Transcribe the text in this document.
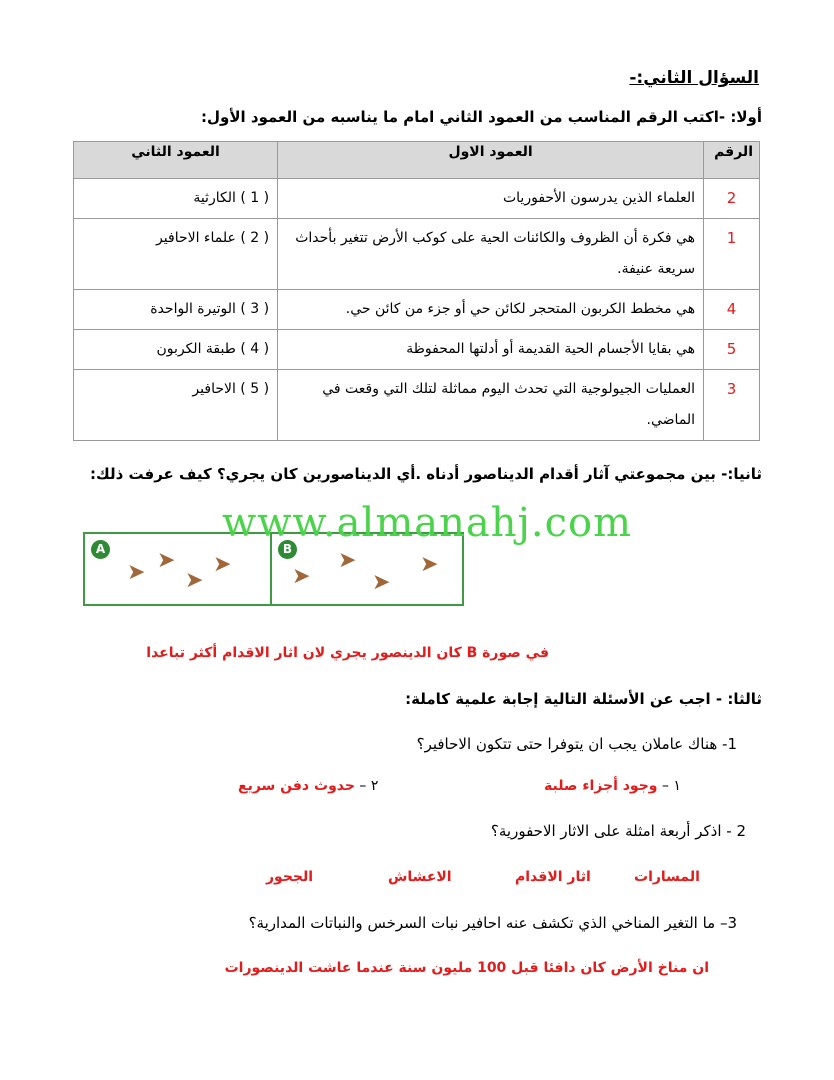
السؤال الثاني:-
أولا: -اكتب الرقم المناسب من العمود الثاني امام ما يناسبه من العمود الأول:
الرقم	العمود الاول	العمود الثاني
2	العلماء الذين يدرسون الأحفوريات	( 1 ) الكارثية
1	هي فكرة أن الظروف والكائنات الحية على كوكب الأرض تتغير بأحداث سريعة عنيفة.	( 2 ) علماء الاحافير
4	هي مخطط الكربون المتحجر لكائن حي أو جزء من كائن حي.	( 3 ) الوتيرة الواحدة
5	هي بقايا الأجسام الحية القديمة أو أدلتها المحفوظة	( 4 ) طبقة الكربون
3	العمليات الجيولوجية التي تحدث اليوم مماثلة لتلك التي وقعت في الماضي.	( 5 ) الاحافير
ثانيا:- بين مجموعتي آثار أقدام الديناصور أدناه .أي الديناصورين كان يجري؟ كيف عرفت ذلك:
A
➤ ➤
➤
➤
B
➤
➤
➤
➤
www.almanahj.com
في صورة B كان الدينصور يجري لان اثار الاقدام أكثر تباعدا
ثالثا: - اجب عن الأسئلة التالية إجابة علمية كاملة:
1- هناك عاملان يجب ان يتوفرا حتى تتكون الاحافير؟
١ – وجود أجزاء صلبة
٢ – حدوث دفن سريع
2 - اذكر أربعة امثلة على الاثار الاحفورية؟
المسارات
اثار الاقدام
الاعشاش
الجحور
3– ما التغير المناخي الذي تكشف عنه احافير نبات السرخس والنباتات المدارية؟
ان مناخ الأرض كان دافئا قبل 100 مليون سنة عندما عاشت الدينصورات
